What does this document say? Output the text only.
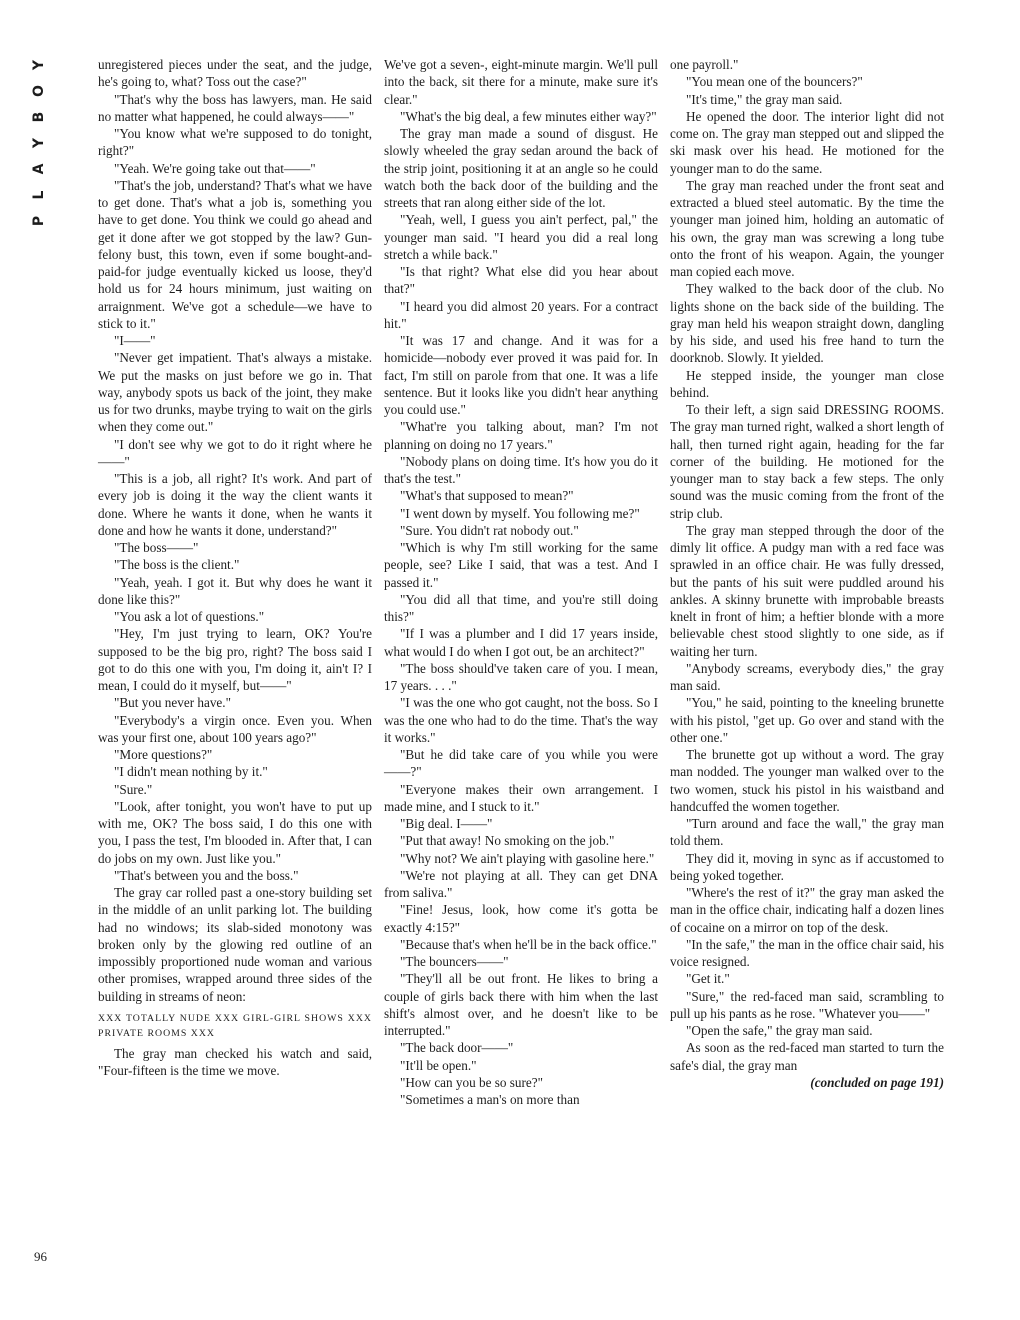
Y
O
B
Y
A
L
P

unregistered pieces under the seat, and the judge, he's going to, what? Toss out the case?"

"That's why the boss has lawyers, man. He said no matter what happened, he could always——"

"You know what we're supposed to do tonight, right?"

"Yeah. We're going take out that——"

"That's the job, understand? That's what we have to get done. That's what a job is, something you have to get done. You think we could go ahead and get it done after we got stopped by the law? Gun-felony bust, this town, even if some bought-and-paid-for judge eventually kicked us loose, they'd hold us for 24 hours minimum, just waiting on arraignment. We've got a schedule—we have to stick to it."

"I——"

"Never get impatient. That's always a mistake. We put the masks on just before we go in. That way, anybody spots us back of the joint, they make us for two drunks, maybe trying to wait on the girls when they come out."

"I don't see why we got to do it right where he——"

"This is a job, all right? It's work. And part of every job is doing it the way the client wants it done. Where he wants it done, when he wants it done and how he wants it done, understand?"

"The boss——"

"The boss is the client."

"Yeah, yeah. I got it. But why does he want it done like this?"

"You ask a lot of questions."

"Hey, I'm just trying to learn, OK? You're supposed to be the big pro, right? The boss said I got to do this one with you, I'm doing it, ain't I? I mean, I could do it myself, but——"

"But you never have."

"Everybody's a virgin once. Even you. When was your first one, about 100 years ago?"

"More questions?"

"I didn't mean nothing by it."

"Sure."

"Look, after tonight, you won't have to put up with me, OK? The boss said, I do this one with you, I pass the test, I'm blooded in. After that, I can do jobs on my own. Just like you."

"That's between you and the boss."

The gray car rolled past a one-story building set in the middle of an unlit parking lot. The building had no windows; its slab-sided monotony was broken only by the glowing red outline of an impossibly proportioned nude woman and various other promises, wrapped around three sides of the building in streams of neon:

XXX TOTALLY NUDE XXX GIRL-GIRL SHOWS XXX PRIVATE ROOMS XXX

The gray man checked his watch and said, "Four-fifteen is the time we move.

We've got a seven-, eight-minute margin. We'll pull into the back, sit there for a minute, make sure it's clear."

"What's the big deal, a few minutes either way?"

The gray man made a sound of disgust. He slowly wheeled the gray sedan around the back of the strip joint, positioning it at an angle so he could watch both the back door of the building and the streets that ran along either side of the lot.

"Yeah, well, I guess you ain't perfect, pal," the younger man said. "I heard you did a real long stretch a while back."

"Is that right? What else did you hear about that?"

"I heard you did almost 20 years. For a contract hit."

"It was 17 and change. And it was for a homicide—nobody ever proved it was paid for. In fact, I'm still on parole from that one. It was a life sentence. But it looks like you didn't hear anything you could use."

"What're you talking about, man? I'm not planning on doing no 17 years."

"Nobody plans on doing time. It's how you do it that's the test."

"What's that supposed to mean?"

"I went down by myself. You following me?"

"Sure. You didn't rat nobody out."

"Which is why I'm still working for the same people, see? Like I said, that was a test. And I passed it."

"You did all that time, and you're still doing this?"

"If I was a plumber and I did 17 years inside, what would I do when I got out, be an architect?"

"The boss should've taken care of you. I mean, 17 years. . . ."

"I was the one who got caught, not the boss. So I was the one who had to do the time. That's the way it works."

"But he did take care of you while you were——?"

"Everyone makes their own arrangement. I made mine, and I stuck to it."

"Big deal. I——"

"Put that away! No smoking on the job."

"Why not? We ain't playing with gasoline here."

"We're not playing at all. They can get DNA from saliva."

"Fine! Jesus, look, how come it's gotta be exactly 4:15?"

"Because that's when he'll be in the back office."

"The bouncers——"

"They'll all be out front. He likes to bring a couple of girls back there with him when the last shift's almost over, and he doesn't like to be interrupted."

"The back door——"

"It'll be open."

"How can you be so sure?"

"Sometimes a man's on more than

one payroll."

"You mean one of the bouncers?"

"It's time," the gray man said.

He opened the door. The interior light did not come on. The gray man stepped out and slipped the ski mask over his head. He motioned for the younger man to do the same.

The gray man reached under the front seat and extracted a blued steel automatic. By the time the younger man joined him, holding an automatic of his own, the gray man was screwing a long tube onto the front of his weapon. Again, the younger man copied each move.

They walked to the back door of the club. No lights shone on the back side of the building. The gray man held his weapon straight down, dangling by his side, and used his free hand to turn the doorknob. Slowly. It yielded.

He stepped inside, the younger man close behind.

To their left, a sign said DRESSING ROOMS. The gray man turned right, walked a short length of hall, then turned right again, heading for the far corner of the building. He motioned for the younger man to stay back a few steps. The only sound was the music coming from the front of the strip club.

The gray man stepped through the door of the dimly lit office. A pudgy man with a red face was sprawled in an office chair. He was fully dressed, but the pants of his suit were puddled around his ankles. A skinny brunette with improbable breasts knelt in front of him; a heftier blonde with a more believable chest stood slightly to one side, as if waiting her turn.

"Anybody screams, everybody dies," the gray man said.

"You," he said, pointing to the kneeling brunette with his pistol, "get up. Go over and stand with the other one."

The brunette got up without a word. The gray man nodded. The younger man walked over to the two women, stuck his pistol in his waistband and handcuffed the women together.

"Turn around and face the wall," the gray man told them.

They did it, moving in sync as if accustomed to being yoked together.

"Where's the rest of it?" the gray man asked the man in the office chair, indicating half a dozen lines of cocaine on a mirror on top of the desk.

"In the safe," the man in the office chair said, his voice resigned.

"Get it."

"Sure," the red-faced man said, scrambling to pull up his pants as he rose. "Whatever you——"

"Open the safe," the gray man said.

As soon as the red-faced man started to turn the safe's dial, the gray man

(concluded on page 191)

96
